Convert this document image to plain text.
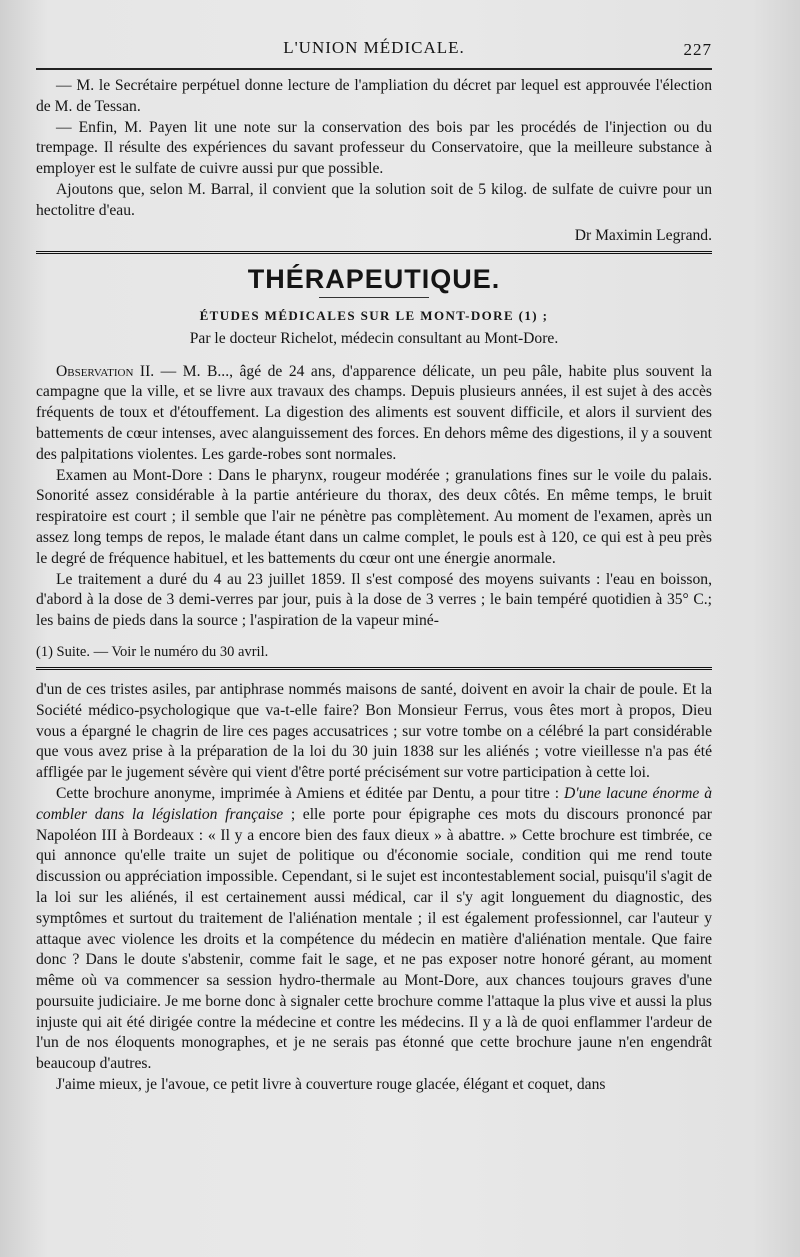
L'UNION MÉDICALE.	227

— M. le Secrétaire perpétuel donne lecture de l'ampliation du décret par lequel est approuvée l'élection de M. de Tessan.

— Enfin, M. Payen lit une note sur la conservation des bois par les procédés de l'injection ou du trempage. Il résulte des expériences du savant professeur du Conservatoire, que la meilleure substance à employer est le sulfate de cuivre aussi pur que possible.

Ajoutons que, selon M. Barral, il convient que la solution soit de 5 kilog. de sulfate de cuivre pour un hectolitre d'eau.

Dr Maximin Legrand.
THÉRAPEUTIQUE.
ÉTUDES MÉDICALES SUR LE MONT-DORE (1) ;
Par le docteur Richelot, médecin consultant au Mont-Dore.

Observation II. — M. B..., âgé de 24 ans, d'apparence délicate, un peu pâle, habite plus souvent la campagne que la ville, et se livre aux travaux des champs. Depuis plusieurs années, il est sujet à des accès fréquents de toux et d'étouffement. La digestion des aliments est souvent difficile, et alors il survient des battements de cœur intenses, avec alanguissement des forces. En dehors même des digestions, il y a souvent des palpitations violentes. Les garde-robes sont normales.

Examen au Mont-Dore : Dans le pharynx, rougeur modérée ; granulations fines sur le voile du palais. Sonorité assez considérable à la partie antérieure du thorax, des deux côtés. En même temps, le bruit respiratoire est court ; il semble que l'air ne pénètre pas complètement. Au moment de l'examen, après un assez long temps de repos, le malade étant dans un calme complet, le pouls est à 120, ce qui est à peu près le degré de fréquence habituel, et les battements du cœur ont une énergie anormale.

Le traitement a duré du 4 au 23 juillet 1859. Il s'est composé des moyens suivants : l'eau en boisson, d'abord à la dose de 3 demi-verres par jour, puis à la dose de 3 verres ; le bain tempéré quotidien à 35° C.; les bains de pieds dans la source ; l'aspiration de la vapeur miné-

(1) Suite. — Voir le numéro du 30 avril.

d'un de ces tristes asiles, par antiphrase nommés maisons de santé, doivent en avoir la chair de poule. Et la Société médico-psychologique que va-t-elle faire? Bon Monsieur Ferrus, vous êtes mort à propos, Dieu vous a épargné le chagrin de lire ces pages accusatrices ; sur votre tombe on a célébré la part considérable que vous avez prise à la préparation de la loi du 30 juin 1838 sur les aliénés ; votre vieillesse n'a pas été affligée par le jugement sévère qui vient d'être porté précisément sur votre participation à cette loi.

Cette brochure anonyme, imprimée à Amiens et éditée par Dentu, a pour titre : D'une lacune énorme à combler dans la législation française ; elle porte pour épigraphe ces mots du discours prononcé par Napoléon III à Bordeaux : « Il y a encore bien des faux dieux » à abattre. » Cette brochure est timbrée, ce qui annonce qu'elle traite un sujet de politique ou d'économie sociale, condition qui me rend toute discussion ou appréciation impossible. Cependant, si le sujet est incontestablement social, puisqu'il s'agit de la loi sur les aliénés, il est certainement aussi médical, car il s'y agit longuement du diagnostic, des symptômes et surtout du traitement de l'aliénation mentale ; il est également professionnel, car l'auteur y attaque avec violence les droits et la compétence du médecin en matière d'aliénation mentale. Que faire donc ? Dans le doute s'abstenir, comme fait le sage, et ne pas exposer notre honoré gérant, au moment même où va commencer sa session hydro-thermale au Mont-Dore, aux chances toujours graves d'une poursuite judiciaire. Je me borne donc à signaler cette brochure comme l'attaque la plus vive et aussi la plus injuste qui ait été dirigée contre la médecine et contre les médecins. Il y a là de quoi enflammer l'ardeur de l'un de nos éloquents monographes, et je ne serais pas étonné que cette brochure jaune n'en engendrât beaucoup d'autres.

J'aime mieux, je l'avoue, ce petit livre à couverture rouge glacée, élégant et coquet, dans
